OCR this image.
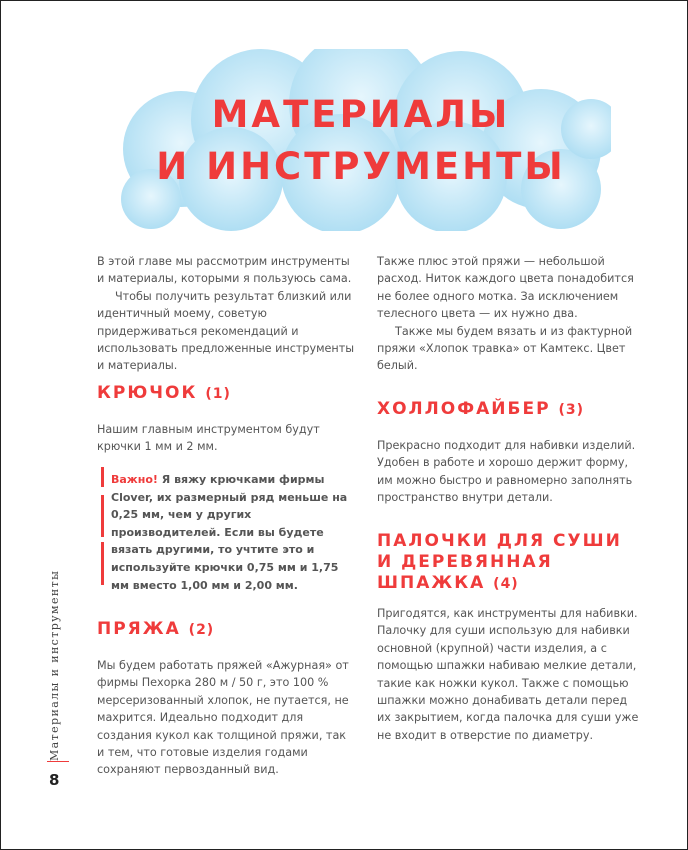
МАТЕРИАЛЫ
И ИНСТРУМЕНТЫ

В этой главе мы рассмотрим инструменты и материалы, которыми я пользуюсь сама.

Чтобы получить результат близкий или идентичный моему, советую придерживаться рекомендаций и использовать предложенные инструменты и материалы.

КРЮЧОК (1)

Нашим главным инструментом будут крючки 1 мм и 2 мм.

Важно! Я вяжу крючками фирмы Clover, их размерный ряд меньше на 0,25 мм, чем у других производителей. Если вы будете вязать другими, то учтите это и используйте крючки 0,75 мм и 1,75 мм вместо 1,00 мм и 2,00 мм.
ПРЯЖА (2)

Мы будем работать пряжей «Ажурная» от фирмы Пехорка 280 м / 50 г, это 100 % мерсеризованный хлопок, не путается, не махрится. Идеально подходит для создания кукол как толщиной пряжи, так и тем, что готовые изделия годами сохраняют первозданный вид.

Также плюс этой пряжи — небольшой расход. Ниток каждого цвета понадобится не более одного мотка. За исключением телесного цвета — их нужно два.

Также мы будем вязать и из фактурной пряжи «Хлопок травка» от Камтекс. Цвет белый.

ХОЛЛОФАЙБЕР (3)

Прекрасно подходит для набивки изделий. Удобен в работе и хорошо держит форму, им можно быстро и равномерно заполнять пространство внутри детали.

ПАЛОЧКИ ДЛЯ СУШИ
И ДЕРЕВЯННАЯ
ШПАЖКА (4)

Пригодятся, как инструменты для набивки. Палочку для суши использую для набивки основной (крупной) части изделия, а с помощью шпажки набиваю мелкие детали, такие как ножки кукол. Также с помощью шпажки можно донабивать детали перед их закрытием, когда палочка для суши уже не входит в отверстие по диаметру.

Материалы и инструменты
8
